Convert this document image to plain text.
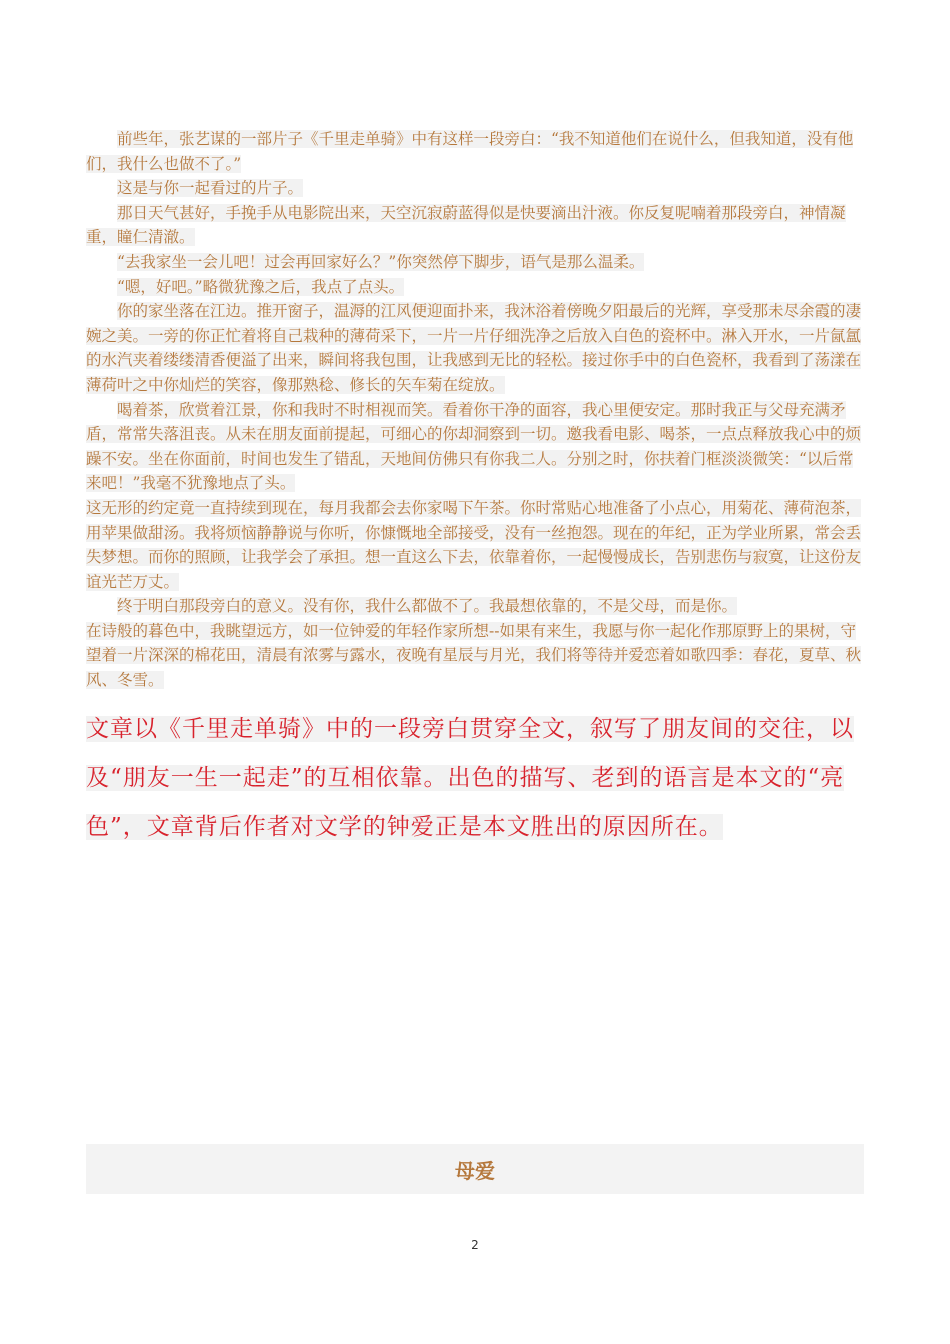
前些年，张艺谋的一部片子《千里走单骑》中有这样一段旁白：“我不知道他们在说什么，但我知道，没有他们，我什么也做不了。”

这是与你一起看过的片子。

那日天气甚好，手挽手从电影院出来，天空沉寂蔚蓝得似是快要滴出汁液。你反复呢喃着那段旁白，神情凝重，瞳仁清澈。

“去我家坐一会儿吧！过会再回家好么？”你突然停下脚步，语气是那么温柔。

“嗯，好吧。”略微犹豫之后，我点了点头。

你的家坐落在江边。推开窗子，温溽的江风便迎面扑来，我沐浴着傍晚夕阳最后的光辉，享受那未尽余霞的凄婉之美。一旁的你正忙着将自己栽种的薄荷采下，一片一片仔细洗净之后放入白色的瓷杯中。淋入开水，一片氤氲的水汽夹着缕缕清香便溢了出来，瞬间将我包围，让我感到无比的轻松。接过你手中的白色瓷杯，我看到了荡漾在薄荷叶之中你灿烂的笑容，像那熟稔、修长的矢车菊在绽放。

喝着茶，欣赏着江景，你和我时不时相视而笑。看着你干净的面容，我心里便安定。那时我正与父母充满矛盾，常常失落沮丧。从未在朋友面前提起，可细心的你却洞察到一切。邀我看电影、喝茶，一点点释放我心中的烦躁不安。坐在你面前，时间也发生了错乱，天地间仿佛只有你我二人。分别之时，你扶着门框淡淡微笑：“以后常来吧！”我毫不犹豫地点了头。

这无形的约定竟一直持续到现在，每月我都会去你家喝下午茶。你时常贴心地准备了小点心，用菊花、薄荷泡茶，用苹果做甜汤。我将烦恼静静说与你听，你慷慨地全部接受，没有一丝抱怨。现在的年纪，正为学业所累，常会丢失梦想。而你的照顾，让我学会了承担。想一直这么下去，依靠着你，一起慢慢成长，告别悲伤与寂寞，让这份友谊光芒万丈。

终于明白那段旁白的意义。没有你，我什么都做不了。我最想依靠的，不是父母，而是你。

在诗般的暮色中，我眺望远方，如一位钟爱的年轻作家所想--如果有来生，我愿与你一起化作那原野上的果树，守望着一片深深的棉花田，清晨有浓雾与露水，夜晚有星辰与月光，我们将等待并爱恋着如歌四季：春花，夏草、秋风、冬雪。

文章以《千里走单骑》中的一段旁白贯穿全文，叙写了朋友间的交往，以及“朋友一生一起走”的互相依靠。出色的描写、老到的语言是本文的“亮色”，文章背后作者对文学的钟爱正是本文胜出的原因所在。

母爱
2
